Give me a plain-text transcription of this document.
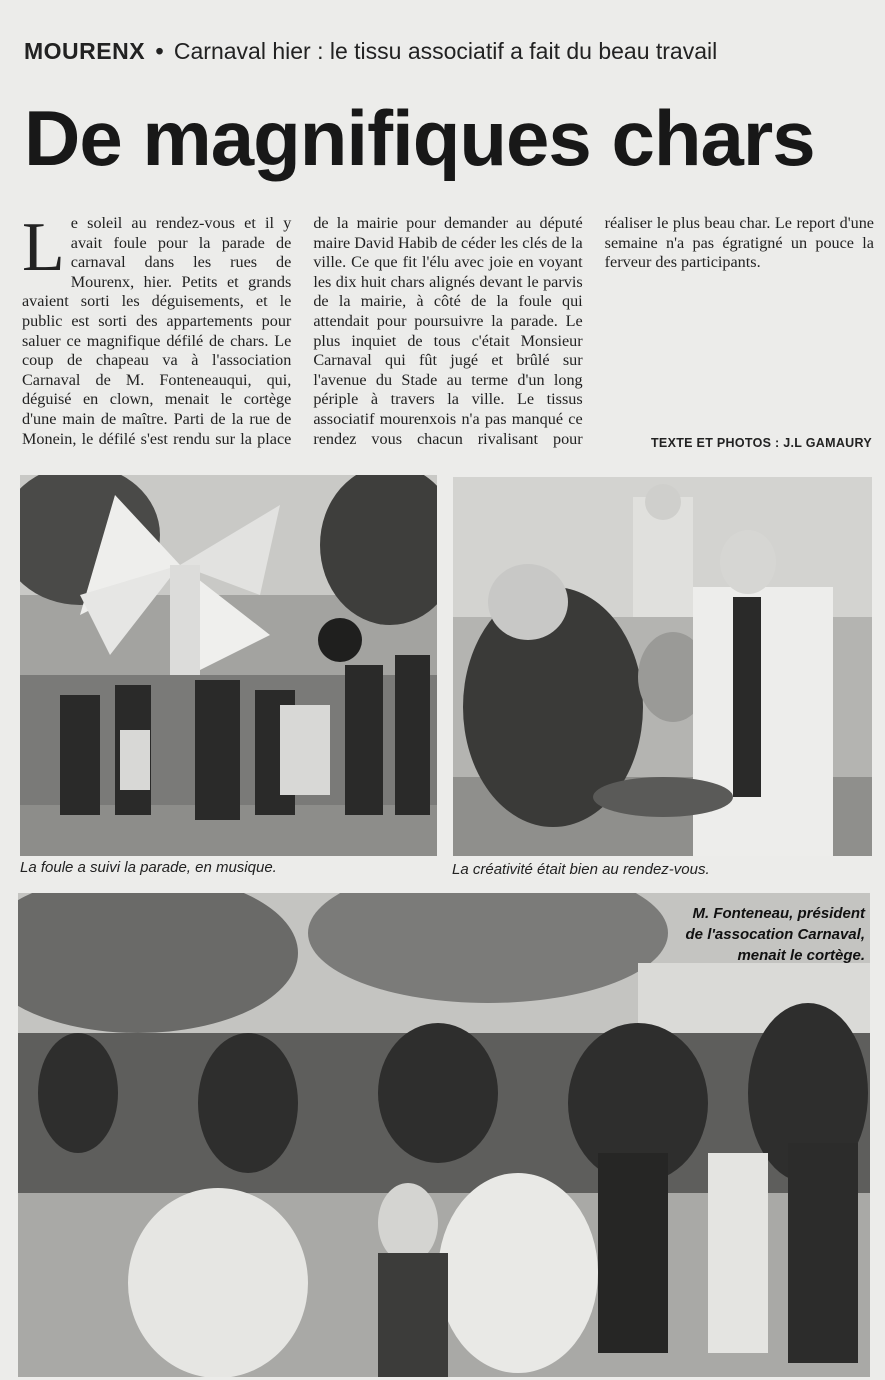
MOURENX • Carnaval hier : le tissu associatif a fait du beau travail
De magnifiques chars

Le soleil au rendez-vous et il y avait foule pour la parade de carnaval dans les rues de Mourenx, hier. Petits et grands avaient sorti les déguisements, et le public est sorti des appartements pour saluer ce magnifique défilé de chars. Le coup de chapeau va à l'association Carnaval de M. Fonteneauqui, qui, déguisé en clown, menait le cortège d'une main de maître. Parti de la rue de Monein, le défilé s'est rendu sur la place de la mairie pour demander au député maire David Habib de céder les clés de la ville. Ce que fit l'élu avec joie en voyant les dix huit chars alignés devant le parvis de la mairie, à côté de la foule qui attendait pour poursuivre la parade. Le plus inquiet de tous c'était Monsieur Carnaval qui fût jugé et brûlé sur l'avenue du Stade au terme d'un long périple à travers la ville. Le tissus associatif mourenxois n'a pas manqué ce rendez vous chacun rivalisant pour réaliser le plus beau char. Le report d'une semaine n'a pas égratigné un pouce la ferveur des participants.

TEXTE ET PHOTOS : J.L GAMAURY
La foule a suivi la parade, en musique.	La créativité était bien au rendez-vous.
M. Fonteneau, président
de l'assocation Carnaval,
menait le cortège.
